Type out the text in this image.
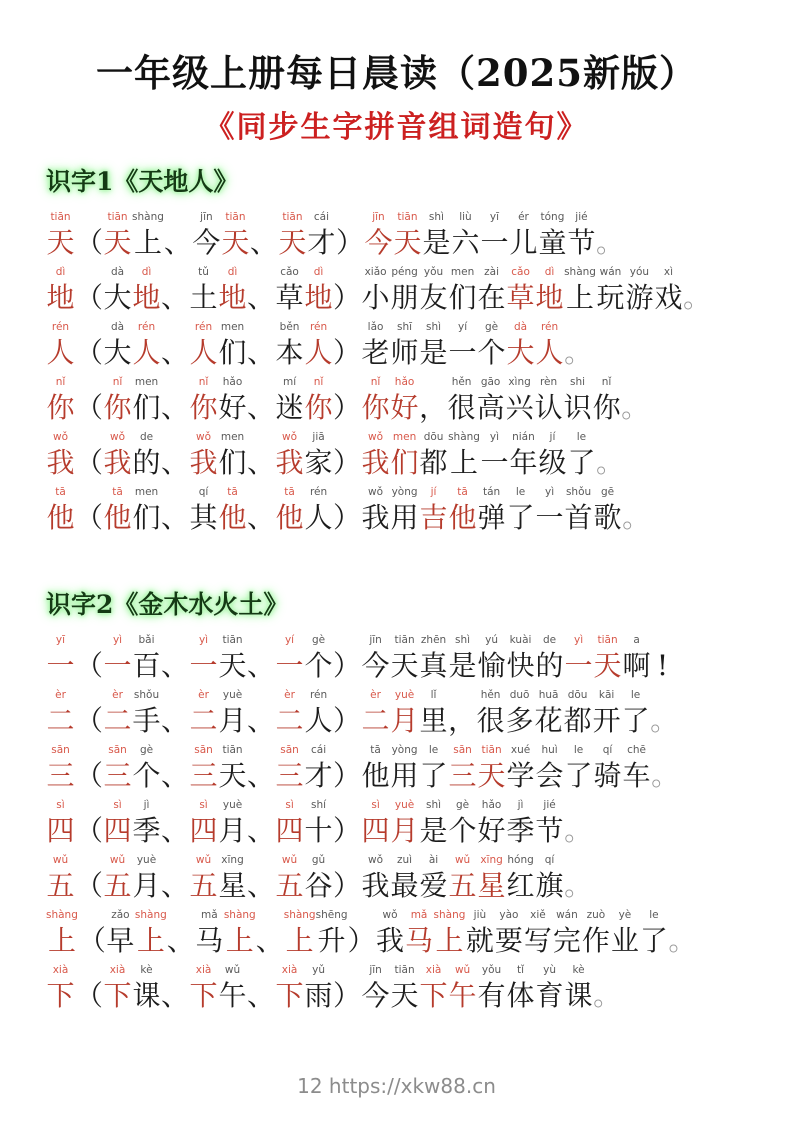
一年级上册每日晨读（2025新版）
《同步生字拼音组词造句》
识字1《天地人》
tiān
天 （
tiān
天
shàng
上 、
jīn
今
tiān
天 、
tiān
天
cái
才 ）
jīn
今
tiān
天
shì
是
liù
六
yī
一
ér
儿
tóng
童
jié
节 。
dì
地 （
dà
大
dì
地 、
tǔ
土
dì
地 、
cǎo
草
dì
地 ）
xiǎo
小
péng
朋
yǒu
友
men
们
zài
在
cǎo
草
dì
地
shàng
上
wán
玩
yóu
游
xì
戏 。
rén
人 （
dà
大
rén
人 、
rén
人
men
们 、
běn
本
rén
人 ）
lǎo
老
shī
师
shì
是
yí
一
gè
个
dà
大
rén
人 。
nǐ
你 （
nǐ
你
men
们 、
nǐ
你
hǎo
好 、
mí
迷
nǐ
你 ）
nǐ
你
hǎo
好 ，
hěn
很
gāo
高
xìng
兴
rèn
认
shi
识
nǐ
你 。
wǒ
我 （
wǒ
我
de
的 、
wǒ
我
men
们 、
wǒ
我
jiā
家 ）
wǒ
我
men
们
dōu
都
shàng
上
yì
一
nián
年
jí
级
le
了 。
tā
他 （
tā
他
men
们 、
qí
其
tā
他 、
tā
他
rén
人 ）
wǒ
我
yòng
用
jí
吉
tā
他
tán
弹
le
了
yì
一
shǒu
首
gē
歌 。
识字2《金木水火土》
yī
一 （
yì
一
bǎi
百 、
yì
一
tiān
天 、
yí
一
gè
个 ）
jīn
今
tiān
天
zhēn
真
shì
是
yú
愉
kuài
快
de
的
yì
一
tiān
天
a
啊 !
èr
二 （
èr
二
shǒu
手 、
èr
二
yuè
月 、
èr
二
rén
人 ）
èr
二
yuè
月
lǐ
里 ，
hěn
很
duō
多
huā
花
dōu
都
kāi
开
le
了 。
sān
三 （
sān
三
gè
个 、
sān
三
tiān
天 、
sān
三
cái
才 ）
tā
他
yòng
用
le
了
sān
三
tiān
天
xué
学
huì
会
le
了
qí
骑
chē
车 。
sì
四 （
sì
四
jì
季 、
sì
四
yuè
月 、
sì
四
shí
十 ）
sì
四
yuè
月
shì
是
gè
个
hǎo
好
jì
季
jié
节 。
wǔ
五 （
wǔ
五
yuè
月 、
wǔ
五
xīng
星 、
wǔ
五
gǔ
谷 ）
wǒ
我
zuì
最
ài
爱
wǔ
五
xīng
星
hóng
红
qí
旗 。
shàng
上 （
zǎo
早
shàng
上 、
mǎ
马
shàng
上 、
shàng
上
shēng
升 ）
wǒ
我
mǎ
马
shàng
上
jiù
就
yào
要
xiě
写
wán
完
zuò
作
yè
业
le
了 。
xià
下 （
xià
下
kè
课 、
xià
下
wǔ
午 、
xià
下
yǔ
雨 ）
jīn
今
tiān
天
xià
下
wǔ
午
yǒu
有
tǐ
体
yù
育
kè
课 。
12 https://xkw88.cn
